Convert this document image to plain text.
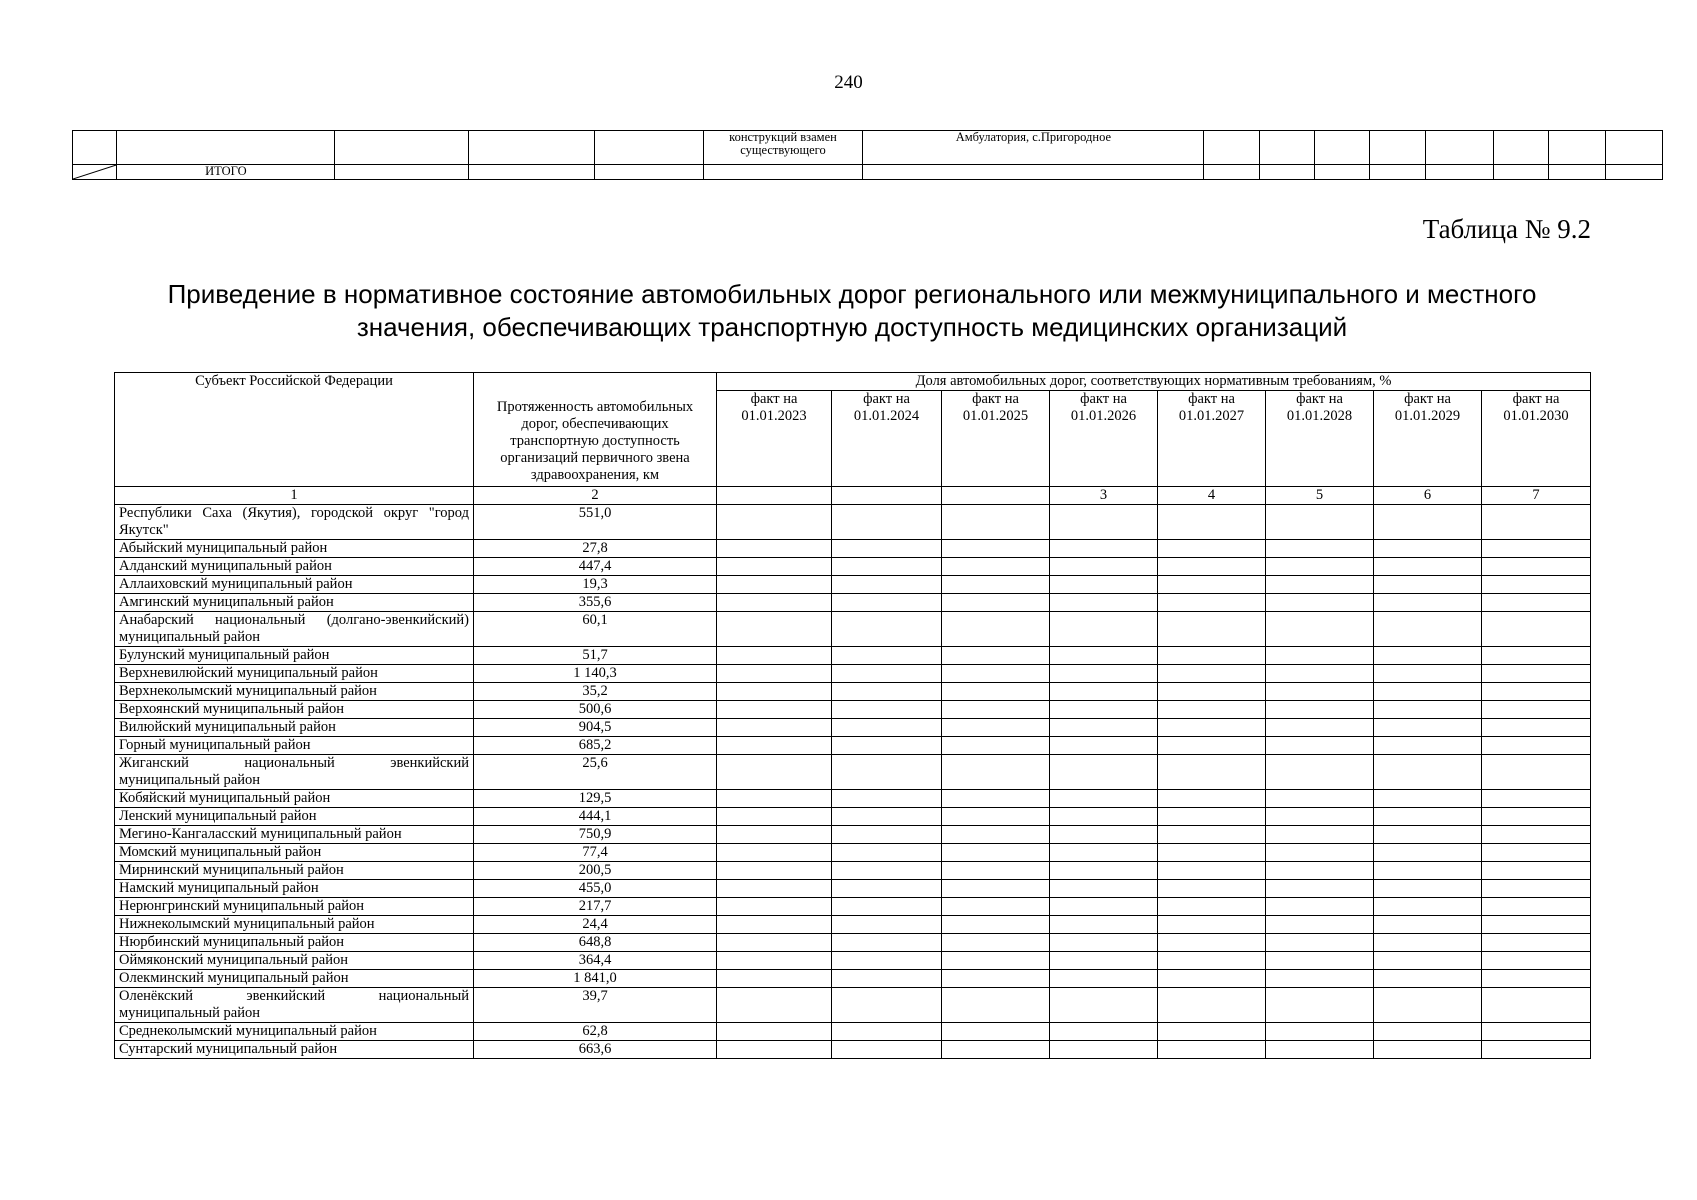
240
					конструкций взамен существующего	Амбулатория, с.Пригородное								

	ИТОГО													
Таблица № 9.2
Приведение в нормативное состояние автомобильных дорог регионального или межмуниципального и местного
значения, обеспечивающих транспортную доступность медицинских организаций
Субъект Российской Федерации	Протяженность автомобильных дорог, обеспечивающих транспортную доступность организаций первичного звена здравоохранения, км	Доля автомобильных дорог, соответствующих нормативным требованиям, %							
		факт на 01.01.2023	факт на 01.01.2024	факт на 01.01.2025	факт на 01.01.2026	факт на 01.01.2027	факт на 01.01.2028	факт на 01.01.2029	факт на 01.01.2030
1	2				3	4	5	6	7
Республики Саха (Якутия), городской округ "город Якутск"	551,0								
Абыйский муниципальный район	27,8								
Алданский муниципальный район	447,4								
Аллаиховский муниципальный район	19,3								
Амгинский муниципальный район	355,6								
Анабарский национальный (долгано-эвенкийский) муниципальный район	60,1								
Булунский муниципальный район	51,7								
Верхневилюйский муниципальный район	1 140,3								
Верхнеколымский муниципальный район	35,2								
Верхоянский муниципальный район	500,6								
Вилюйский муниципальный район	904,5								
Горный муниципальный район	685,2								
Жиганский национальный эвенкийский муниципальный район	25,6								
Кобяйский муниципальный район	129,5								
Ленский муниципальный район	444,1								
Мегино-Кангаласский муниципальный район	750,9								
Момский муниципальный район	77,4								
Мирнинский муниципальный район	200,5								
Намский муниципальный район	455,0								
Нерюнгринский муниципальный район	217,7								
Нижнеколымский муниципальный район	24,4								
Нюрбинский муниципальный район	648,8								
Оймяконский муниципальный район	364,4								
Олекминский муниципальный район	1 841,0								
Оленёкский эвенкийский национальный муниципальный район	39,7								
Среднеколымский муниципальный район	62,8								
Сунтарский муниципальный район	663,6								
